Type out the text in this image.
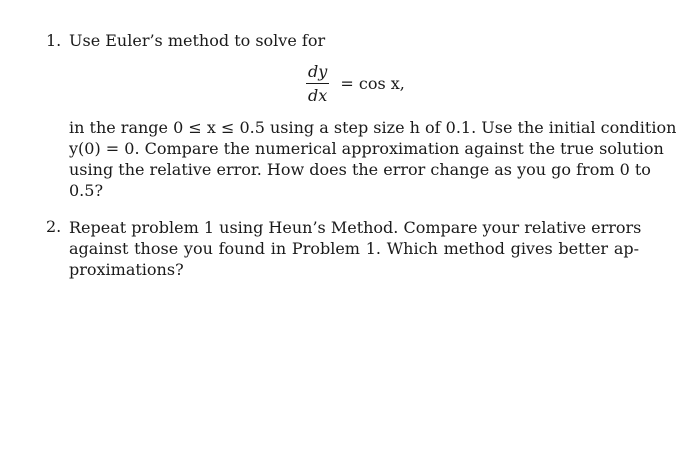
1. Use Euler’s method to solve for
$\frac{dy}{dx} = \cos x$,
in the range 0 ≤ x ≤ 0.5 using a step size h of 0.1. Use the initial condition
y(0) = 0. Compare the numerical approximation against the true solution
using the relative error. How does the error change as you go from 0 to
0.5?
2. Repeat problem 1 using Heun’s Method. Compare your relative errors
against those you found in Problem 1. Which method gives better ap-
proximations?
